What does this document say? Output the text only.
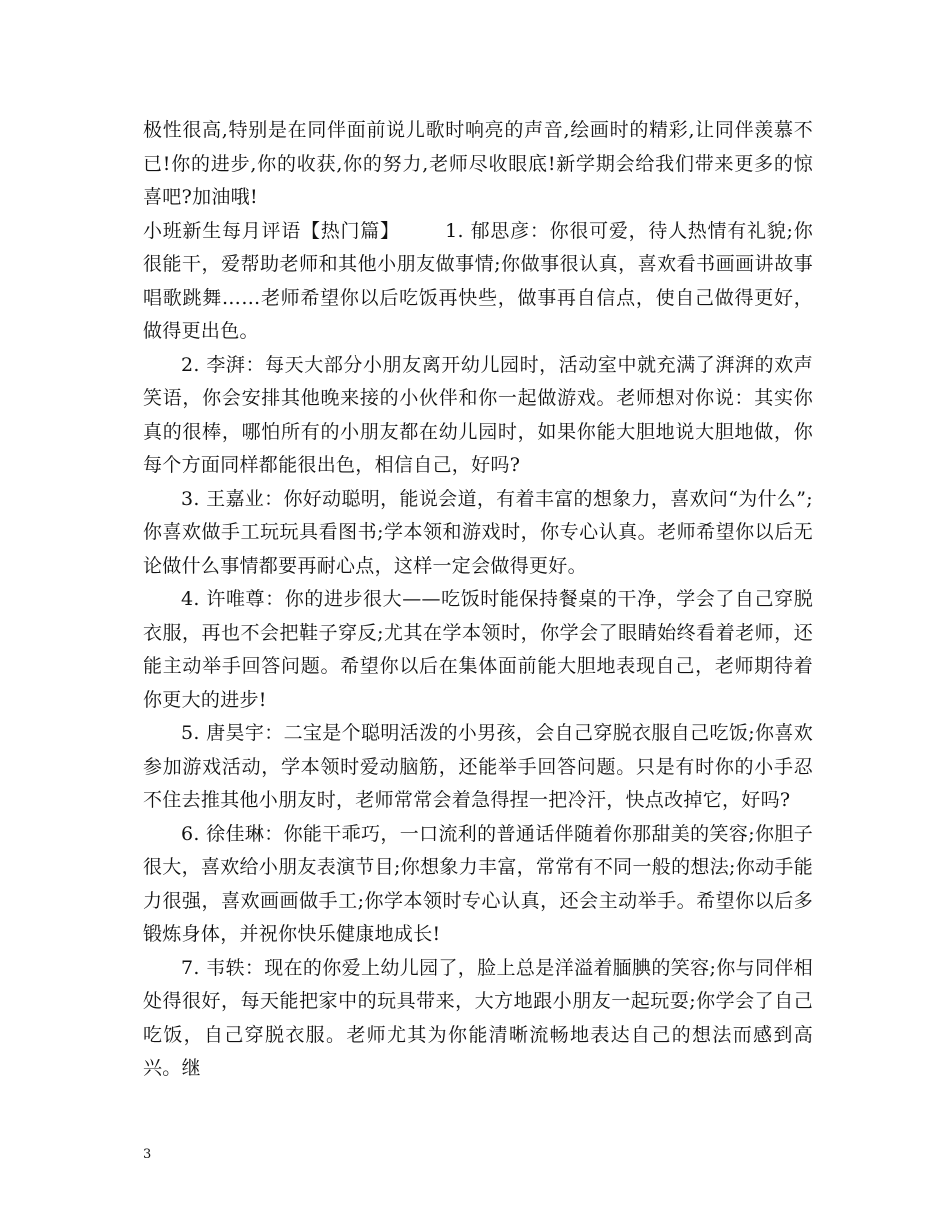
极性很高,特别是在同伴面前说儿歌时响亮的声音,绘画时的精彩,让同伴羡慕不已!你的进步,你的收获,你的努力,老师尽收眼底!新学期会给我们带来更多的惊喜吧?加油哦!

小班新生每月评语【热门篇】   1. 郁思彦：你很可爱，待人热情有礼貌;你很能干，爱帮助老师和其他小朋友做事情;你做事很认真，喜欢看书画画讲故事唱歌跳舞……老师希望你以后吃饭再快些，做事再自信点，使自己做得更好，做得更出色。

2. 李湃：每天大部分小朋友离开幼儿园时，活动室中就充满了湃湃的欢声笑语，你会安排其他晚来接的小伙伴和你一起做游戏。老师想对你说：其实你真的很棒，哪怕所有的小朋友都在幼儿园时，如果你能大胆地说大胆地做，你每个方面同样都能很出色，相信自己，好吗?

3. 王嘉业：你好动聪明，能说会道，有着丰富的想象力，喜欢问“为什么”;你喜欢做手工玩玩具看图书;学本领和游戏时，你专心认真。老师希望你以后无论做什么事情都要再耐心点，这样一定会做得更好。

4. 许唯尊：你的进步很大——吃饭时能保持餐桌的干净，学会了自己穿脱衣服，再也不会把鞋子穿反;尤其在学本领时，你学会了眼睛始终看着老师，还能主动举手回答问题。希望你以后在集体面前能大胆地表现自己，老师期待着你更大的进步!

5. 唐昊宇：二宝是个聪明活泼的小男孩，会自己穿脱衣服自己吃饭;你喜欢参加游戏活动，学本领时爱动脑筋，还能举手回答问题。只是有时你的小手忍不住去推其他小朋友时，老师常常会着急得捏一把冷汗，快点改掉它，好吗?

6. 徐佳琳：你能干乖巧，一口流利的普通话伴随着你那甜美的笑容;你胆子很大，喜欢给小朋友表演节目;你想象力丰富，常常有不同一般的想法;你动手能力很强，喜欢画画做手工;你学本领时专心认真，还会主动举手。希望你以后多锻炼身体，并祝你快乐健康地成长!

7. 韦轶：现在的你爱上幼儿园了，脸上总是洋溢着腼腆的笑容;你与同伴相处得很好，每天能把家中的玩具带来，大方地跟小朋友一起玩耍;你学会了自己吃饭，自己穿脱衣服。老师尤其为你能清晰流畅地表达自己的想法而感到高兴。继

3
